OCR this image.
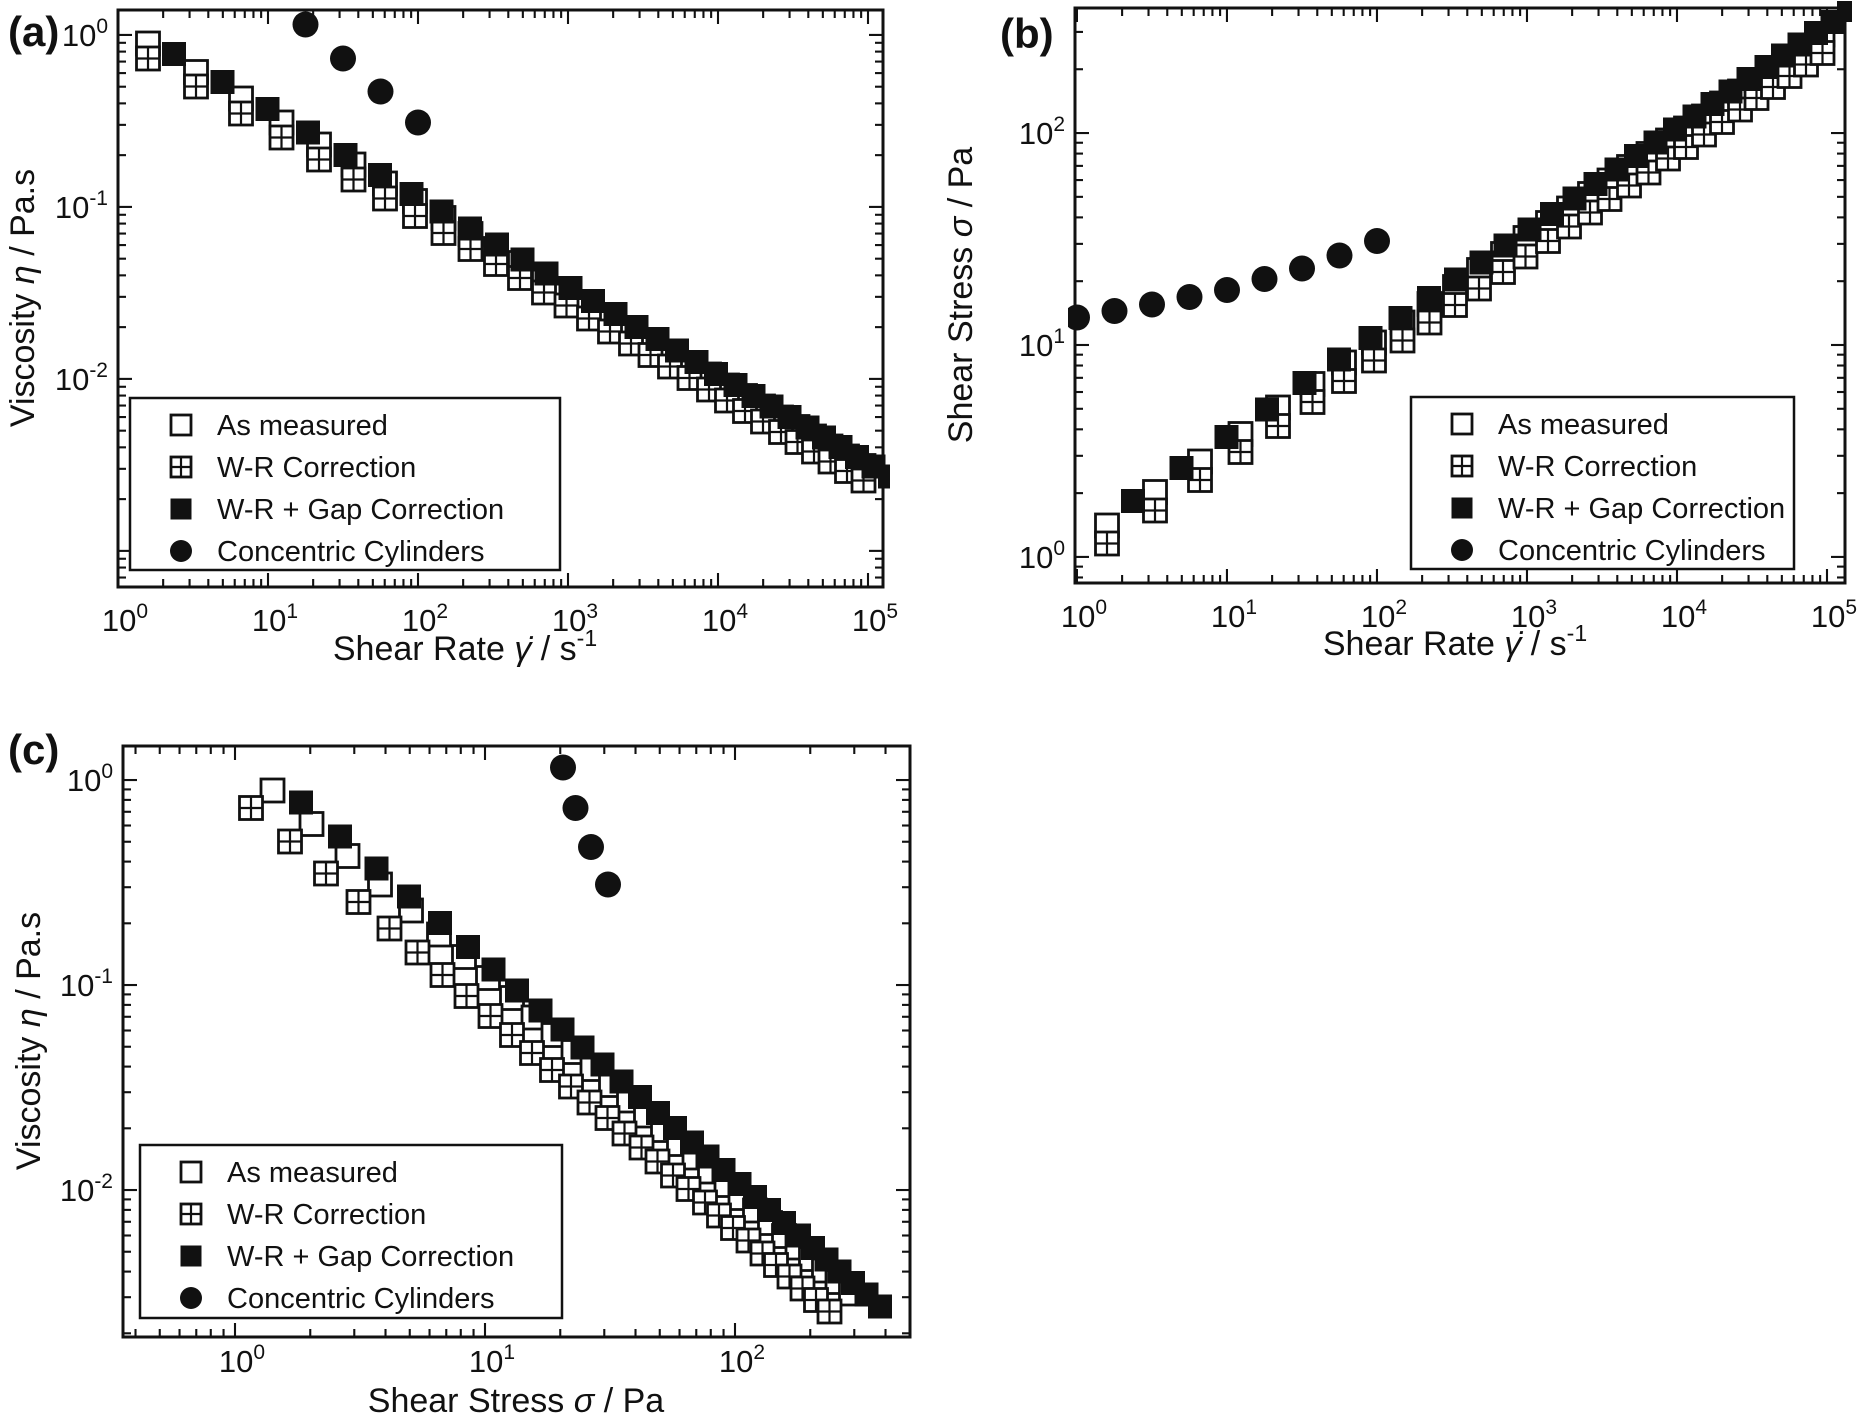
$10^0$	$10^1$	$10^2$	$10^3$	$10^4$	$10^5$
$10^0$
$10^{-1}$
$10^{-2}$
Shear Rate γ̇ / $s^{-1}$
Viscosity η / Pa.s
(a)
As measured
W-R Correction
W-R + Gap Correction
Concentric Cylinders
$10^0$	$10^1$	$10^2$	$10^3$	$10^4$	$10^5$
$10^2$
$10^1$
$10^0$
Shear Rate γ̇ / $s^{-1}$
Shear Stress σ / Pa
(b)
As measured
W-R Correction
W-R + Gap Correction
Concentric Cylinders
$10^0$	$10^1$	$10^2$
$10^0$
$10^{-1}$
$10^{-2}$
Shear Stress σ / Pa
Viscosity η / Pa.s
(c)
As measured
W-R Correction
W-R + Gap Correction
Concentric Cylinders
